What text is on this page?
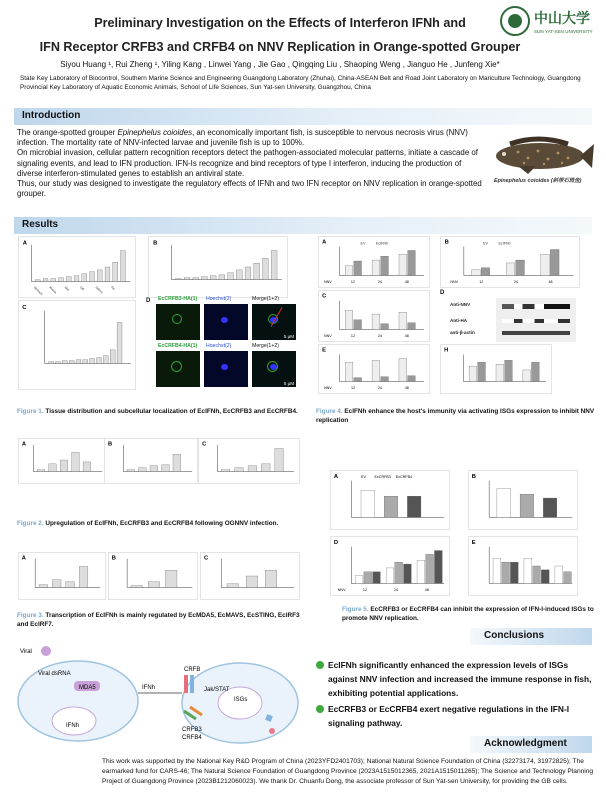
Preliminary Investigation on the Effects of Interferon IFNh and
IFN Receptor CRFB3 and CRFB4 on NNV Replication in Orange-spotted Grouper
Siyou Huang ¹, Rui Zheng ¹, Yiling Kang , Linwei Yang , Jie Gao , Qingqing Liu , Shaoping Weng , Jianguo He , Junfeng Xie*
State Key Laboratory of Biocontrol, Southern Marine Science and Engineering Guangdong Laboratory (Zhuhai), China-ASEAN Belt and Road Joint Laboratory on Mariculture Technology, Guangdong Provincial Key Laboratory of Aquatic Economic Animals, School of Life Sciences, Sun Yat-sen University, Guangzhou, China
中山大学
SUN YAT-SEN UNIVERSITY
Introduction

The orange-spotted grouper Epinephelus coioides, an economically important fish, is susceptible to nervous necrosis virus (NNV) infection. The mortality rate of NNV-infected larvae and juvenile fish is up to 100%.

On microbial invasion, cellular pattern recognition receptors detect the pathogen-associated molecular patterns, initiate a cascade of signaling events, and lead to IFN production. IFN-Is recognize and bind receptors of type I interferon, inducing the production of diverse interferon-stimulated genes to establish an antiviral state.

Thus, our study was designed to investigate the regulatory effects of IFNh and two IFN receptor on NNV replication in orange-spotted grouper.

Epinephelus coioides (斜带石斑鱼)
Results
A
Stomach Muscle Skin	Gill	Spleen Fin
B
C
D EcCRFB3-HA(1) Hoechst(2)	Merge(1+2)
5 μM
EcCRFB4-HA(1) Hoechst(2)	Merge(1+2)
5 μM
Figure 1. Tissue distribution and subcellular localization of EcIFNh, EcCRFB3 and EcCRFB4.
A	B	C
Figure 2. Upregulation of EcIFNh, EcCRFB3 and EcCRFB4 following OGNNV infection.
A	B	C
Figure 3. Transcription of EcIFNh is mainly regulated by EcMDA5, EcMAVS, EcSTING, EcIRF3 and EcIRF7.
A	EV	EcIFNh
NNV	12	24	48
B	EV	EcIFNh
NNV	12	24	48
C
NNV	12	24	48
D
Anti-NNV
Anti-HA
anti-β-actin
E
NNV	12	24	48
H
Figure 4. EcIFNh enhance the host's immunity via activating ISGs expression to inhibit NNV replication
A	EV EcCRFB3 EcCRFB4	B
D
NNV	12	24	48
E
Figure 5. EcCRFB3 or EcCRFB4 can inhibit the expression of IFN-I-induced ISGs to promote NNV replication.
Conclusions
EcIFNh significantly enhanced the expression levels of ISGs against NNV infection and increased the immune response in fish, exhibiting potential applications.
EcCRFB3 or EcCRFB4 exert negative regulations in the IFN-I signaling pathway.
Viral
Viral dsRNA
MDA5
IFNh
IFNh
CRFB
Jak/STAT
ISGs
CRFB3
CRFB4	Acknowledgment
This work was supported by the National Key R&D Program of China (2023YFD2401703); National Natural Science Foundation of China (32273174, 31972825); The earmarked fund for CARS-46; The Natural Science Foundation of Guangdong Province (2023A1515012365, 2021A1515011265); The Science and Technology Planning Project of Guangdong Province (2023B1212060023). We thank Dr. Chuanfu Dong, the associate professor of Sun Yat-sen University, for providing the GB cells.
